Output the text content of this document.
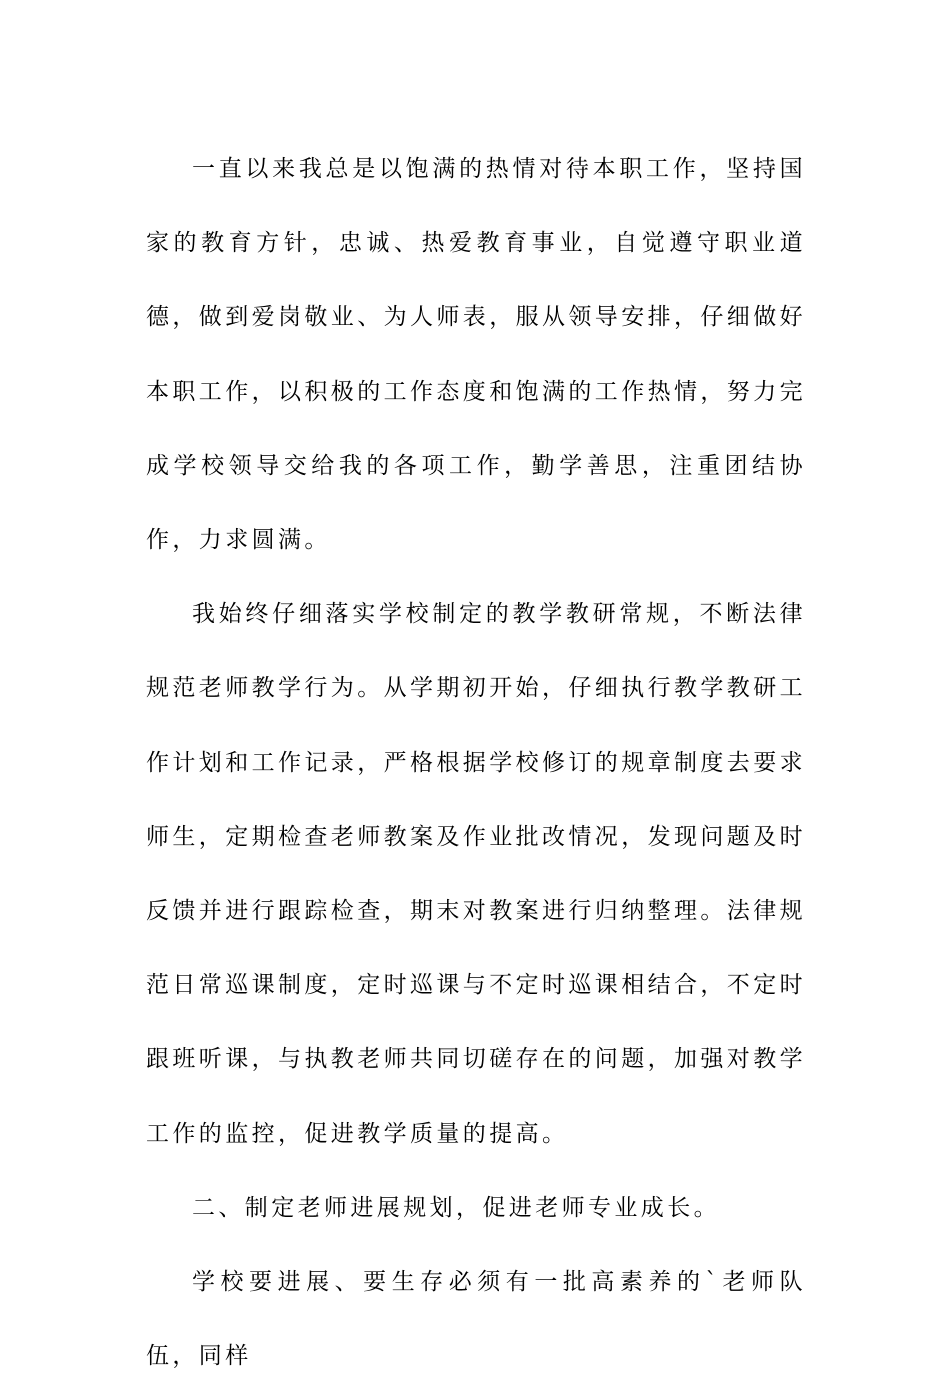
一直以来我总是以饱满的热情对待本职工作，坚持国家的教育方针，忠诚、热爱教育事业，自觉遵守职业道德，做到爱岗敬业、为人师表，服从领导安排，仔细做好本职工作，以积极的工作态度和饱满的工作热情，努力完成学校领导交给我的各项工作，勤学善思，注重团结协作，力求圆满。

我始终仔细落实学校制定的教学教研常规，不断法律规范老师教学行为。从学期初开始，仔细执行教学教研工作计划和工作记录，严格根据学校修订的规章制度去要求师生，定期检查老师教案及作业批改情况，发现问题及时反馈并进行跟踪检查，期末对教案进行归纳整理。法律规范日常巡课制度，定时巡课与不定时巡课相结合，不定时跟班听课，与执教老师共同切磋存在的问题，加强对教学工作的监控，促进教学质量的提高。

二、制定老师进展规划，促进老师专业成长。

学校要进展、要生存必须有一批高素养的`老师队伍，同样
